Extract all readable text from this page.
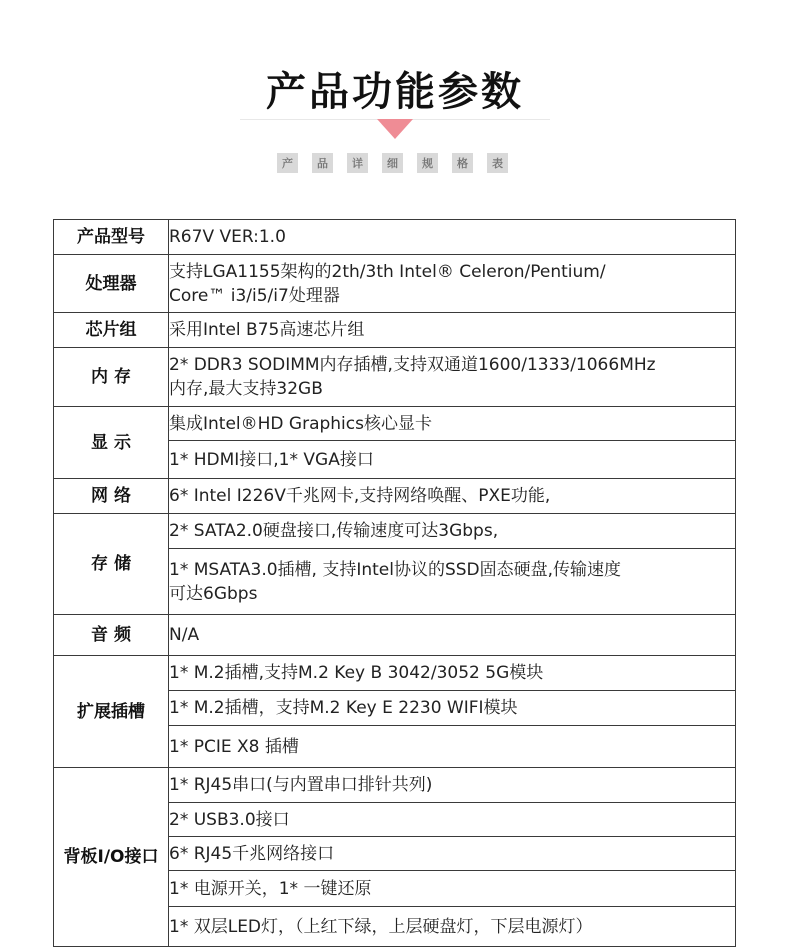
产品功能参数
产	品	详	细	规	格	表
产品型号	R67V VER:1.0
处理器	支持LGA1155架构的2th/3th Intel® Celeron/Pentium/
Core™ i3/i5/i7处理器

芯片组	采用Intel B75高速芯片组
内 存	2* DDR3 SODIMM内存插槽,支持双通道1600/1333/1066MHz
内存,最大支持32GB

显 示	集成Intel®HD Graphics核心显卡
	1* HDMI接口,1* VGA接口
网 络	6* Intel I226V千兆网卡,支持网络唤醒、PXE功能,
存 储	2* SATA2.0硬盘接口,传输速度可达3Gbps,

	1* MSATA3.0插槽, 支持Intel协议的SSD固态硬盘,传输速度
可达6Gbps

音 频	N/A
扩展插槽	1* M.2插槽,支持M.2 Key B 3042/3052 5G模块
	1* M.2插槽，支持M.2 Key E 2230 WIFI模块
	1* PCIE X8 插槽
背板I/O接口	1* RJ45串口(与内置串口排针共列)
	2* USB3.0接口
	6* RJ45千兆网络接口
	1* 电源开关，1* 一键还原
	1* 双层LED灯，（上红下绿，上层硬盘灯，下层电源灯）
